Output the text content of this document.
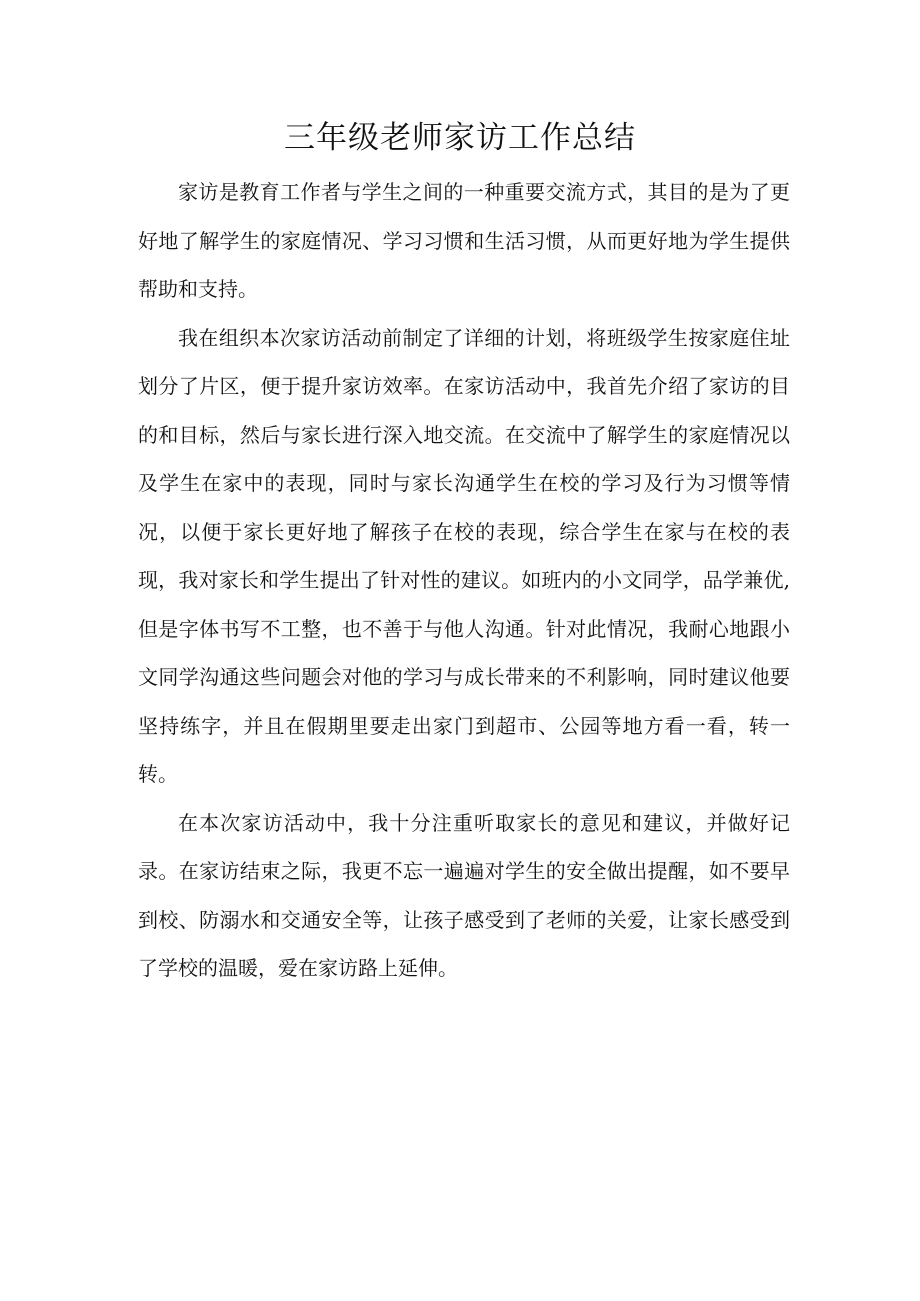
三年级老师家访工作总结

家访是教育工作者与学生之间的一种重要交流方式，其目的是为了更好地了解学生的家庭情况、学习习惯和生活习惯，从而更好地为学生提供帮助和支持。

我在组织本次家访活动前制定了详细的计划，将班级学生按家庭住址划分了片区，便于提升家访效率。在家访活动中，我首先介绍了家访的目的和目标，然后与家长进行深入地交流。在交流中了解学生的家庭情况以及学生在家中的表现，同时与家长沟通学生在校的学习及行为习惯等情况，以便于家长更好地了解孩子在校的表现，综合学生在家与在校的表现，我对家长和学生提出了针对性的建议。如班内的小文同学，品学兼优,但是字体书写不工整，也不善于与他人沟通。针对此情况，我耐心地跟小文同学沟通这些问题会对他的学习与成长带来的不利影响，同时建议他要坚持练字，并且在假期里要走出家门到超市、公园等地方看一看，转一转。

在本次家访活动中，我十分注重听取家长的意见和建议，并做好记录。在家访结束之际，我更不忘一遍遍对学生的安全做出提醒，如不要早到校、防溺水和交通安全等，让孩子感受到了老师的关爱，让家长感受到了学校的温暖，爱在家访路上延伸。
